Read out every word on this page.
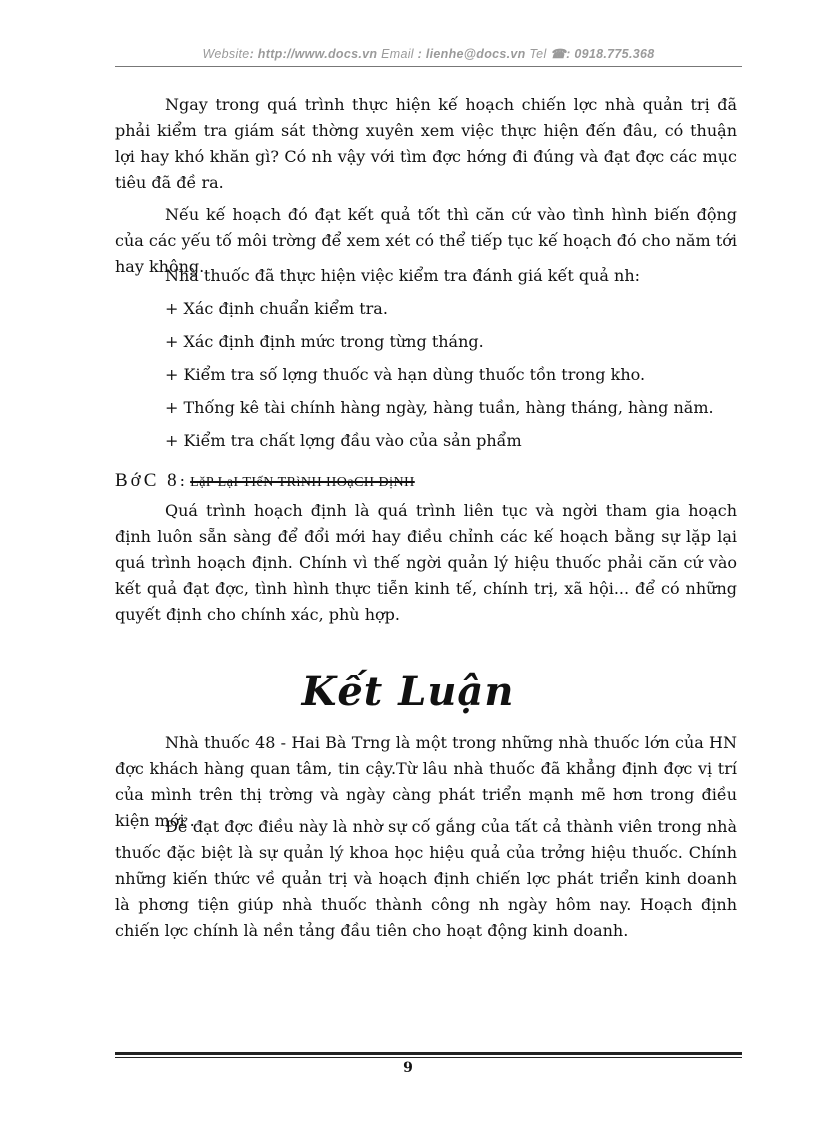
Website: http://www.docs.vn Email : lienhe@docs.vn Tel ☎: 0918.775.368

Ngay trong quá trình thực hiện kế hoạch chiến lợc nhà quản trị đã phải kiểm tra giám sát thờng xuyên xem việc thực hiện đến đâu, có thuận lợi hay khó khăn gì? Có nh vậy với tìm đợc hớng đi đúng và đạt đợc các mục tiêu đã đề ra.

Nếu kế hoạch đó đạt kết quả tốt thì căn cứ vào tình hình biến động của các yếu tố môi trờng để xem xét có thể tiếp tục kế hoạch đó cho năm tới hay không.

Nhà thuốc đã thực hiện việc kiểm tra đánh giá kết quả nh:

+ Xác định chuẩn kiểm tra.

+ Xác định định mức trong từng tháng.

+ Kiểm tra số lợng thuốc và hạn dùng thuốc tồn trong kho.

+ Thống kê tài chính hàng ngày, hàng tuần, hàng tháng, hàng năm.

+ Kiểm tra chất lợng đầu vào của sản phẩm

BớC 8: LặP LạI TIếN TRìNH HOạCH ĐịNH

Quá trình hoạch định là quá trình liên tục và ngời tham gia hoạch định luôn sẵn sàng để đổi mới hay điều chỉnh các kế hoạch bằng sự lặp lại quá trình hoạch định. Chính vì thế ngời quản lý hiệu thuốc phải căn cứ vào kết quả đạt đợc, tình hình thực tiễn kinh tế, chính trị, xã hội... để có những quyết định cho chính xác, phù hợp.

Kết Luận

Nhà thuốc 48 - Hai Bà Trng là một trong những nhà thuốc lớn của HN đợc khách hàng quan tâm, tin cậy.Từ lâu nhà thuốc đã khẳng định đợc vị trí của mình trên thị trờng và ngày càng phát triển mạnh mẽ hơn trong điều kiện mới .

Để đạt đợc điều này là nhờ sự cố gắng của tất cả thành viên trong nhà thuốc đặc biệt là sự quản lý khoa học hiệu quả của trởng hiệu thuốc. Chính những kiến thức về quản trị và hoạch định chiến lợc phát triển kinh doanh là phơng tiện giúp nhà thuốc thành công nh ngày hôm nay. Hoạch định chiến lợc chính là nền tảng đầu tiên cho hoạt động kinh doanh.

9
